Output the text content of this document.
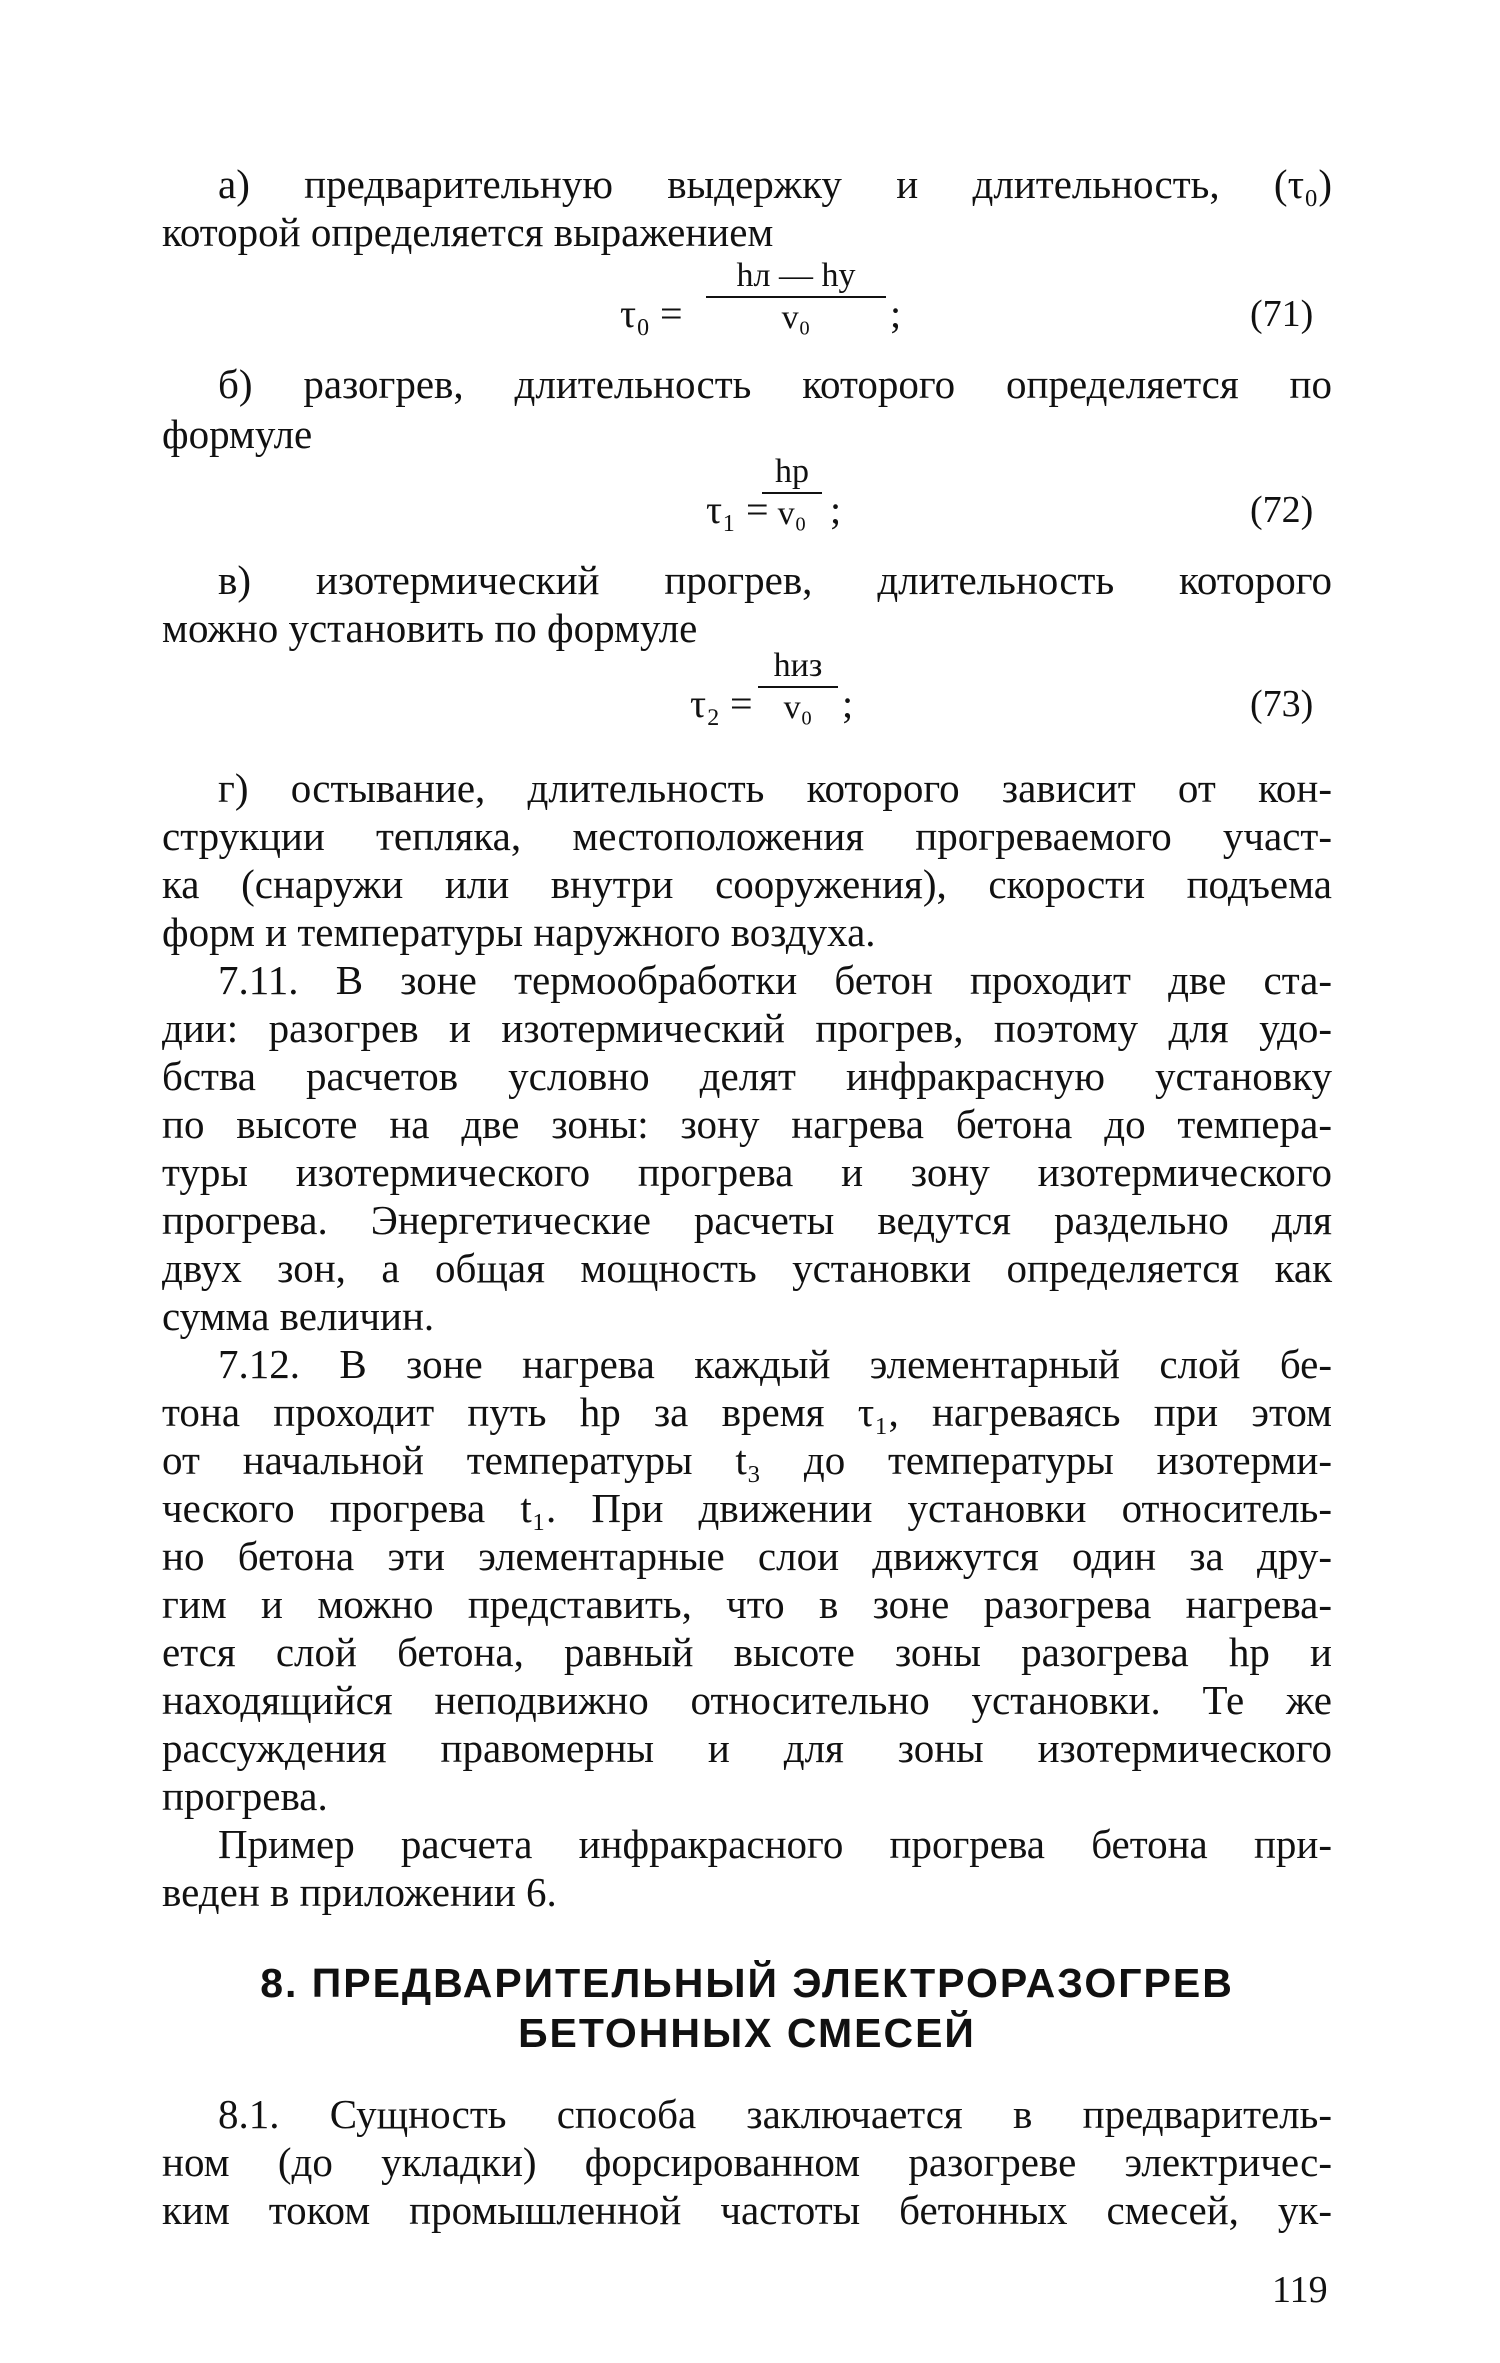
а) предварительную выдержку и длительность, (τ₀)
которой определяется выражением
τ₀ =
hл — hу
v₀	;	(71)
б) разогрев, длительность которого определяется по
формуле
τ₁ =
hр
v₀ ;	(72)
в) изотермический прогрев, длительность которого
можно установить по формуле
τ₂ =
hиз
v₀ ;	(73)
г) остывание, длительность которого зависит от кон-
струкции тепляка, местоположения прогреваемого участ-
ка (снаружи или внутри сооружения), скорости подъема
форм и температуры наружного воздуха.
7.11. В зоне термообработки бетон проходит две ста-
дии: разогрев и изотермический прогрев, поэтому для удо-
бства расчетов условно делят инфракрасную установку
по высоте на две зоны: зону нагрева бетона до темпера-
туры изотермического прогрева и зону изотермического
прогрева. Энергетические расчеты ведутся раздельно для
двух зон, а общая мощность установки определяется как
сумма величин.
7.12. В зоне нагрева каждый элементарный слой бе-
тона проходит путь hр за время τ₁, нагреваясь при этом
от начальной температуры t₃ до температуры изотерми-
ческого прогрева t₁. При движении установки относитель-
но бетона эти элементарные слои движутся один за дру-
гим и можно представить, что в зоне разогрева нагрева-
ется слой бетона, равный высоте зоны разогрева hр и
находящийся неподвижно относительно установки. Те же
рассуждения правомерны и для зоны изотермического
прогрева.
Пример расчета инфракрасного прогрева бетона при-
веден в приложении 6.
8. ПРЕДВАРИТЕЛЬНЫЙ ЭЛЕКТРОРАЗОГРЕВ
БЕТОННЫХ СМЕСЕЙ
8.1. Сущность способа заключается в предваритель-
ном (до укладки) форсированном разогреве электричес-
ким током промышленной частоты бетонных смесей, ук-
119
